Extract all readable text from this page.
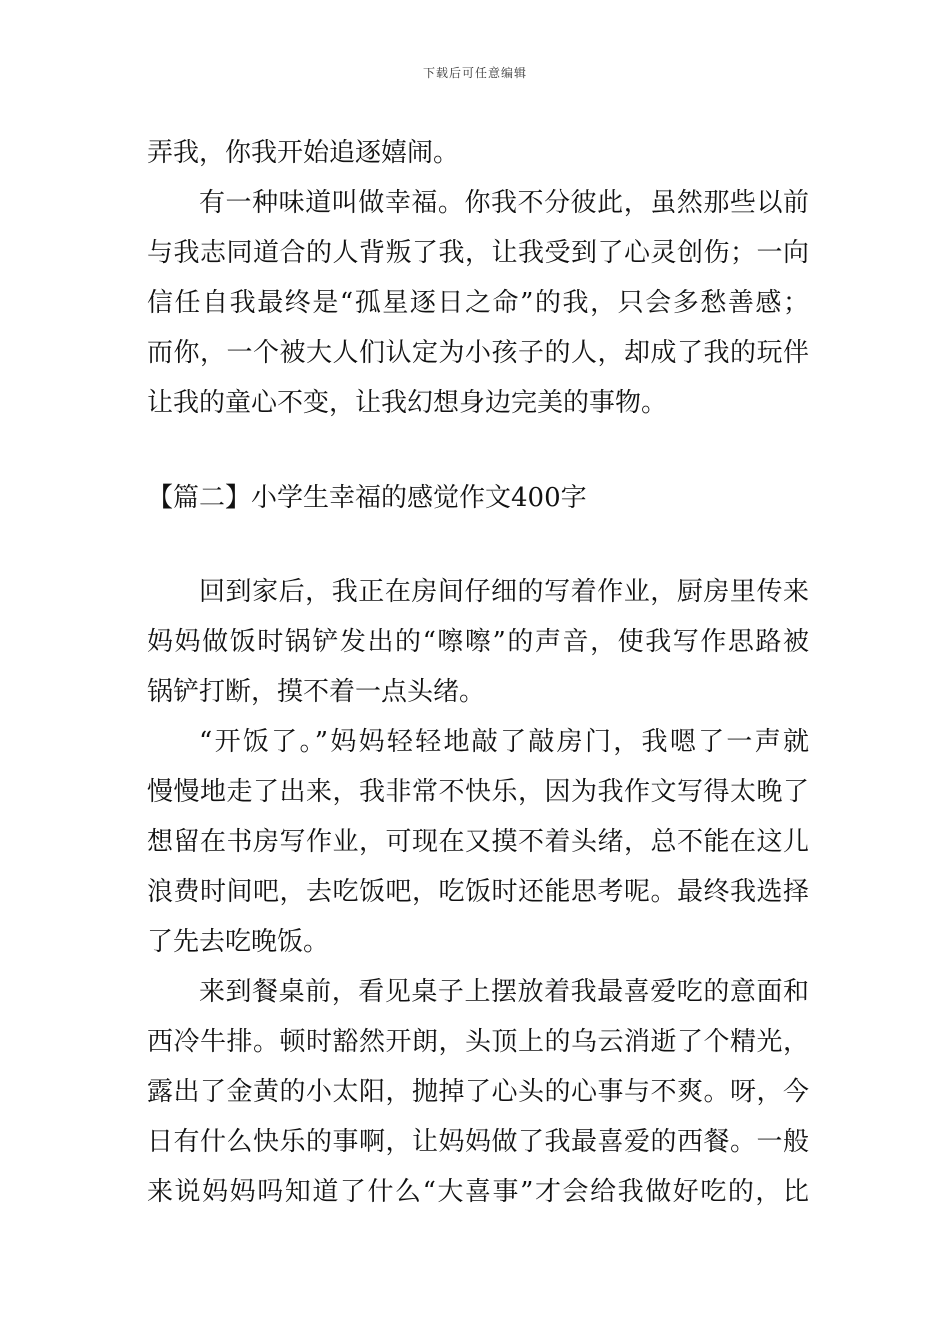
下载后可任意编辑
弄我，你我开始追逐嬉闹。
有一种味道叫做幸福。你我不分彼此，虽然那些以前
与我志同道合的人背叛了我，让我受到了心灵创伤；一向
信任自我最终是“孤星逐日之命”的我，只会多愁善感；
而你，一个被大人们认定为小孩子的人，却成了我的玩伴
让我的童心不变，让我幻想身边完美的事物。
【篇二】小学生幸福的感觉作文400字
回到家后，我正在房间仔细的写着作业，厨房里传来
妈妈做饭时锅铲发出的“嚓嚓”的声音，使我写作思路被
锅铲打断，摸不着一点头绪。
“开饭了。”妈妈轻轻地敲了敲房门，我嗯了一声就
慢慢地走了出来，我非常不快乐，因为我作文写得太晚了
想留在书房写作业，可现在又摸不着头绪，总不能在这儿
浪费时间吧，去吃饭吧，吃饭时还能思考呢。最终我选择
了先去吃晚饭。
来到餐桌前，看见桌子上摆放着我最喜爱吃的意面和
西冷牛排。顿时豁然开朗，头顶上的乌云消逝了个精光，
露出了金黄的小太阳，抛掉了心头的心事与不爽。呀，今
日有什么快乐的事啊，让妈妈做了我最喜爱的西餐。一般
来说妈妈吗知道了什么“大喜事”才会给我做好吃的，比
